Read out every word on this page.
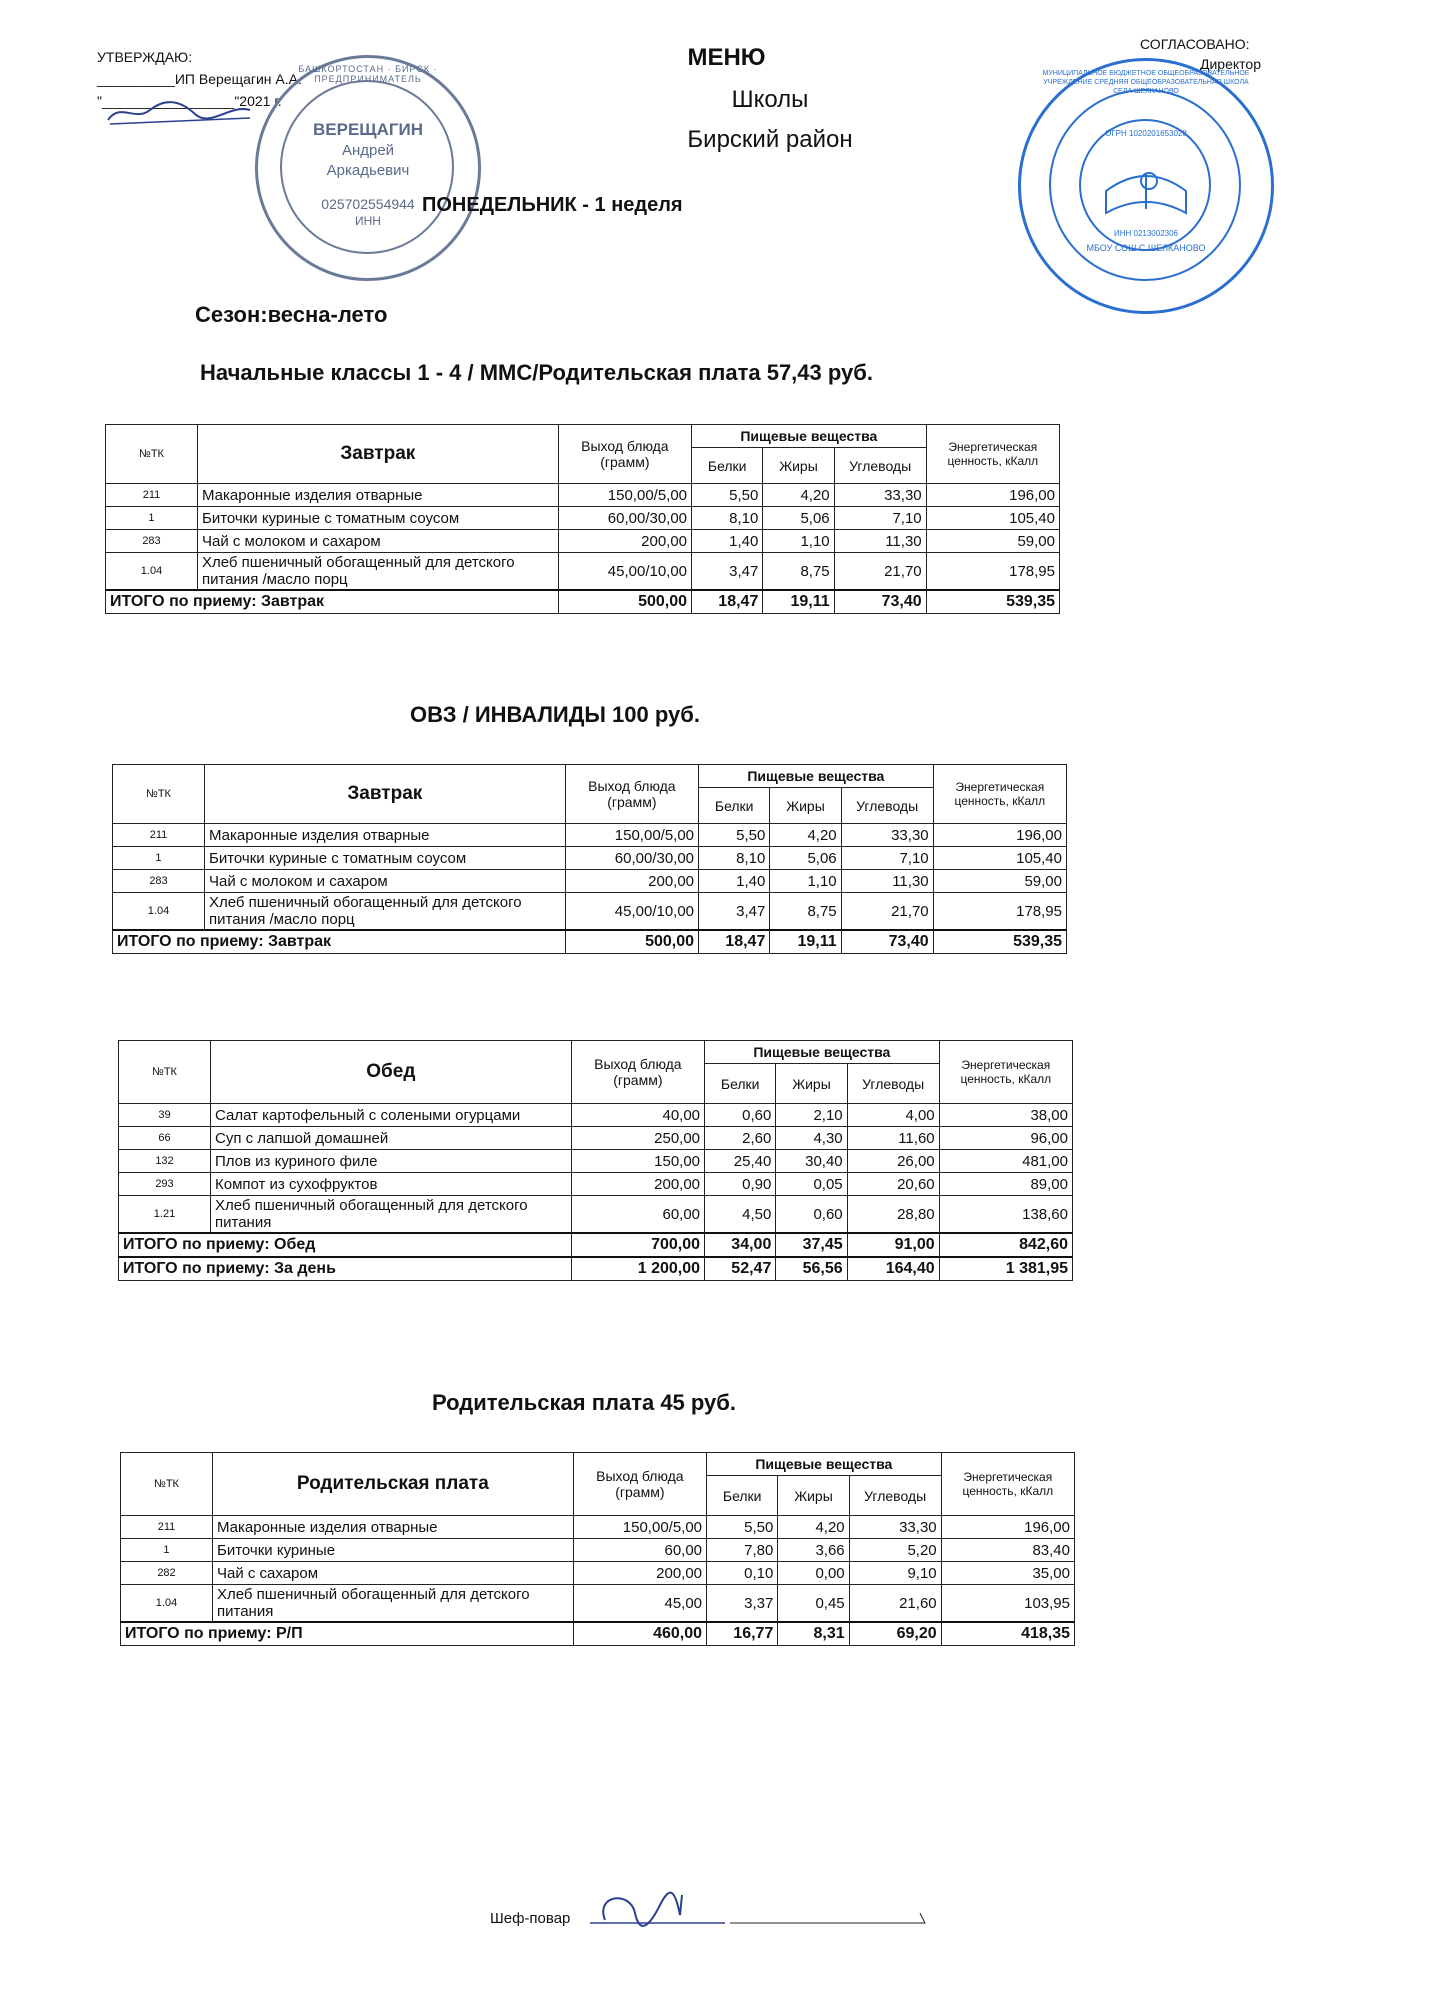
УТВЕРЖДАЮ:
__________ИП Верещагин А.А.
"_________________"2021 г.
ВЕРЕЩАГИН
Андрей
Аркадьевич
025702554944
ИНН
БАШКОРТОСТАН · БИРСК · ПРЕДПРИНИМАТЕЛЬ
МЕНЮ
Школы
Бирский район
ПОНЕДЕЛЬНИК - 1 неделя
Сезон:весна-лето
СОГЛАСОВАНО:
Директор
ОГРН 1020201653028
ИНН 0213002306
МБОУ СОШ С ШЕЛКАНОВО
МУНИЦИПАЛЬНОЕ БЮДЖЕТНОЕ ОБЩЕОБРАЗОВАТЕЛЬНОЕ УЧРЕЖДЕНИЕ СРЕДНЯЯ ОБЩЕОБРАЗОВАТЕЛЬНАЯ ШКОЛА СЕЛА ШЕЛКАНОВО
Начальные классы 1 - 4 / ММС/Родительская плата 57,43 руб.
№ТК	Завтрак	Выход блюда (грамм)	Пищевые вещества			Энергетическая ценность, кКалл
			Белки	Жиры	Углеводы	
211	Макаронные изделия отварные	150,00/5,00	5,50	4,20	33,30	196,00
1	Биточки куриные с томатным соусом	60,00/30,00	8,10	5,06	7,10	105,40
283	Чай с молоком и сахаром	200,00	1,40	1,10	11,30	59,00
1.04	Хлеб пшеничный обогащенный для детского питания /масло порц	45,00/10,00	3,47	8,75	21,70	178,95
ИТОГО по приему: Завтрак		500,00	18,47	19,11	73,40	539,35
ОВЗ / ИНВАЛИДЫ 100 руб.
№ТК	Завтрак	Выход блюда (грамм)	Пищевые вещества			Энергетическая ценность, кКалл
			Белки	Жиры	Углеводы	
211	Макаронные изделия отварные	150,00/5,00	5,50	4,20	33,30	196,00
1	Биточки куриные с томатным соусом	60,00/30,00	8,10	5,06	7,10	105,40
283	Чай с молоком и сахаром	200,00	1,40	1,10	11,30	59,00
1.04	Хлеб пшеничный обогащенный для детского питания /масло порц	45,00/10,00	3,47	8,75	21,70	178,95
ИТОГО по приему: Завтрак		500,00	18,47	19,11	73,40	539,35
№ТК	Обед	Выход блюда (грамм)	Пищевые вещества			Энергетическая ценность, кКалл
			Белки	Жиры	Углеводы	
39	Салат картофельный с солеными огурцами	40,00	0,60	2,10	4,00	38,00
66	Суп с лапшой домашней	250,00	2,60	4,30	11,60	96,00
132	Плов из куриного филе	150,00	25,40	30,40	26,00	481,00
293	Компот из сухофруктов	200,00	0,90	0,05	20,60	89,00
1.21	Хлеб пшеничный обогащенный для детского питания	60,00	4,50	0,60	28,80	138,60
ИТОГО по приему: Обед		700,00	34,00	37,45	91,00	842,60
ИТОГО по приему: За день		1 200,00	52,47	56,56	164,40	1 381,95
Родительская плата 45 руб.
№ТК	Родительская плата	Выход блюда (грамм)	Пищевые вещества			Энергетическая ценность, кКалл
			Белки	Жиры	Углеводы	
211	Макаронные изделия отварные	150,00/5,00	5,50	4,20	33,30	196,00
1	Биточки куриные	60,00	7,80	3,66	5,20	83,40
282	Чай с сахаром	200,00	0,10	0,00	9,10	35,00
1.04	Хлеб пшеничный обогащенный для детского питания	45,00	3,37	0,45	21,60	103,95
ИТОГО по приему: Р/П		460,00	16,77	8,31	69,20	418,35
Шеф-повар
